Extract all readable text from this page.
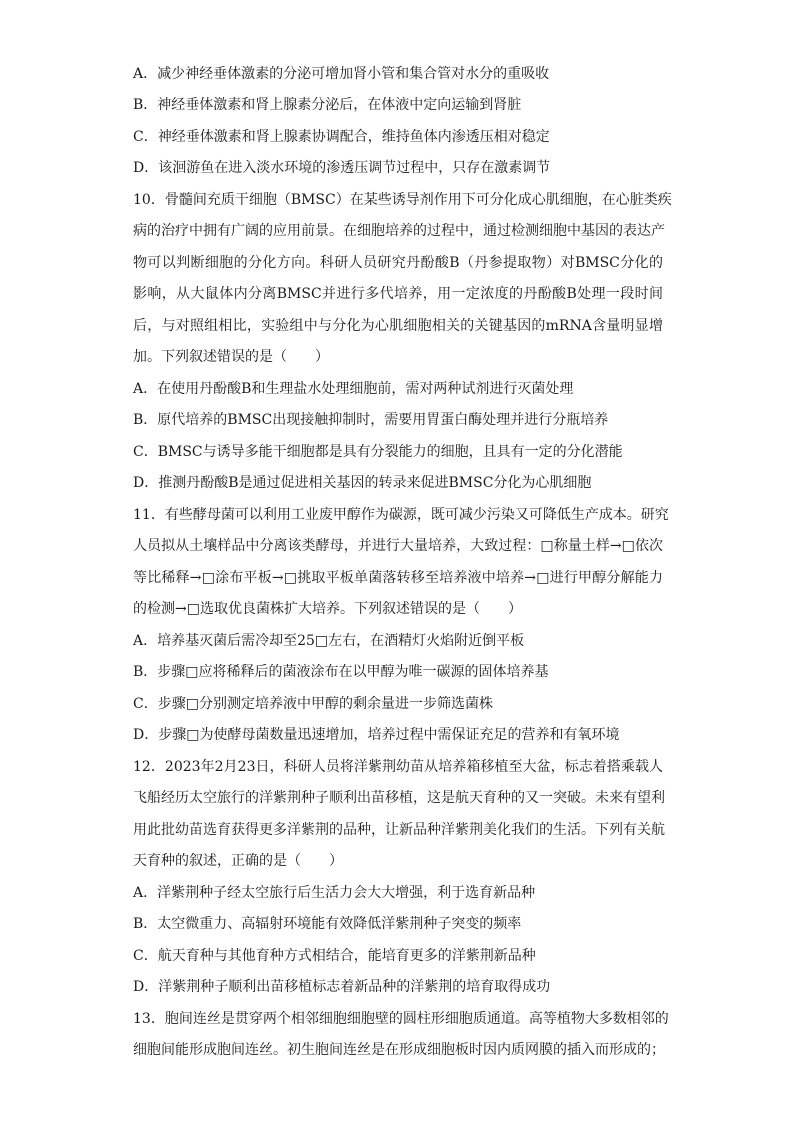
A．减少神经垂体激素的分泌可增加肾小管和集合管对水分的重吸收
B．神经垂体激素和肾上腺素分泌后，在体液中定向运输到肾脏
C．神经垂体激素和肾上腺素协调配合，维持鱼体内渗透压相对稳定
D．该洄游鱼在进入淡水环境的渗透压调节过程中，只存在激素调节
10．骨髓间充质干细胞（BMSC）在某些诱导剂作用下可分化成心肌细胞，在心脏类疾
病的治疗中拥有广阔的应用前景。在细胞培养的过程中，通过检测细胞中基因的表达产
物可以判断细胞的分化方向。科研人员研究丹酚酸B（丹参提取物）对BMSC分化的
影响，从大鼠体内分离BMSC并进行多代培养，用一定浓度的丹酚酸B处理一段时间
后，与对照组相比，实验组中与分化为心肌细胞相关的关键基因的mRNA含量明显增
加。下列叙述错误的是（　　）
A．在使用丹酚酸B和生理盐水处理细胞前，需对两种试剂进行灭菌处理
B．原代培养的BMSC出现接触抑制时，需要用胃蛋白酶处理并进行分瓶培养
C．BMSC与诱导多能干细胞都是具有分裂能力的细胞，且具有一定的分化潜能
D．推测丹酚酸B是通过促进相关基因的转录来促进BMSC分化为心肌细胞
11．有些酵母菌可以利用工业废甲醇作为碳源，既可减少污染又可降低生产成本。研究
人员拟从土壤样品中分离该类酵母，并进行大量培养，大致过程：□称量土样→□依次
等比稀释→□涂布平板→□挑取平板单菌落转移至培养液中培养→□进行甲醇分解能力
的检测→□选取优良菌株扩大培养。下列叙述错误的是（　　）
A．培养基灭菌后需冷却至25□左右，在酒精灯火焰附近倒平板
B．步骤□应将稀释后的菌液涂布在以甲醇为唯一碳源的固体培养基
C．步骤□分别测定培养液中甲醇的剩余量进一步筛选菌株
D．步骤□为使酵母菌数量迅速增加，培养过程中需保证充足的营养和有氧环境
12．2023年2月23日，科研人员将洋紫荆幼苗从培养箱移植至大盆，标志着搭乘载人
飞船经历太空旅行的洋紫荆种子顺利出苗移植，这是航天育种的又一突破。未来有望利
用此批幼苗选育获得更多洋紫荆的品种，让新品种洋紫荆美化我们的生活。下列有关航
天育种的叙述，正确的是（　　）
A．洋紫荆种子经太空旅行后生活力会大大增强，利于选育新品种
B．太空微重力、高辐射环境能有效降低洋紫荆种子突变的频率
C．航天育种与其他育种方式相结合，能培育更多的洋紫荆新品种
D．洋紫荆种子顺利出苗移植标志着新品种的洋紫荆的培育取得成功
13．胞间连丝是贯穿两个相邻细胞细胞壁的圆柱形细胞质通道。高等植物大多数相邻的
细胞间能形成胞间连丝。初生胞间连丝是在形成细胞板时因内质网膜的插入而形成的；
